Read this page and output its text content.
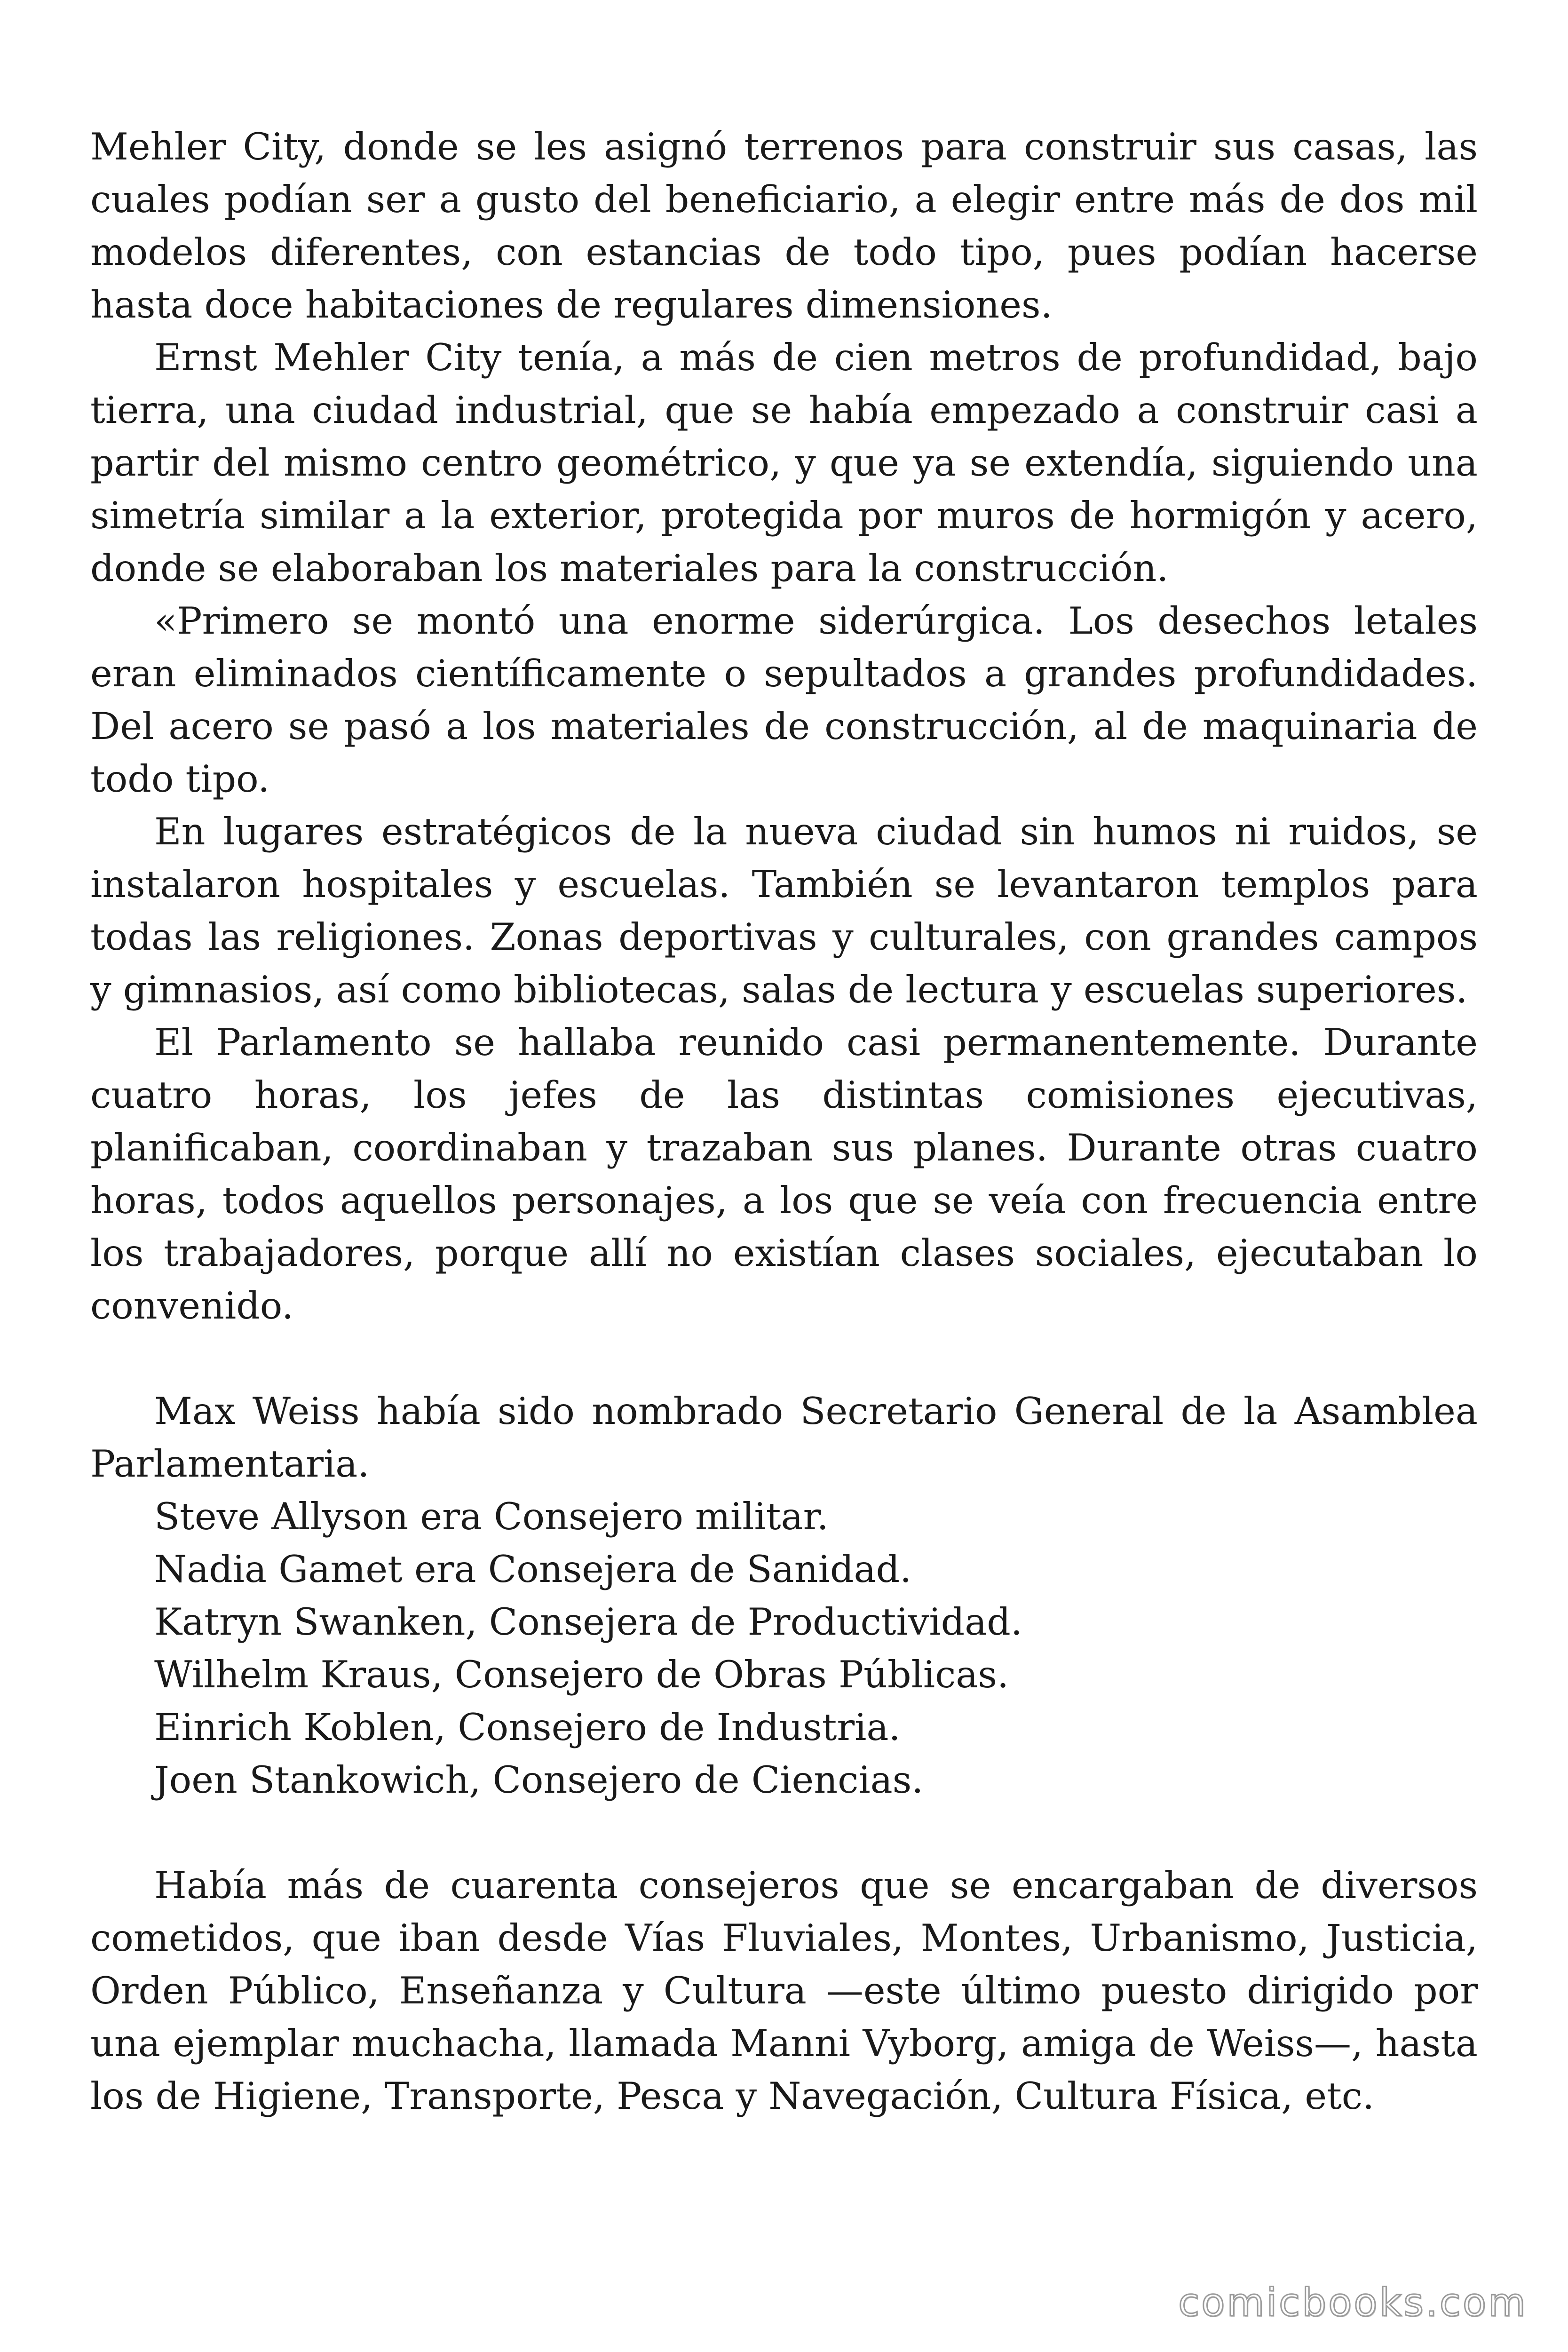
Mehler City, donde se les asignó terrenos para construir sus casas, las cuales podían ser a gusto del beneficiario, a elegir entre más de dos mil modelos diferentes, con estancias de todo tipo, pues podían hacerse hasta doce habitaciones de regulares dimensiones.

Ernst Mehler City tenía, a más de cien metros de profundidad, bajo tierra, una ciudad industrial, que se había empezado a construir casi a partir del mismo centro geométrico, y que ya se extendía, siguiendo una simetría similar a la exterior, protegida por muros de hormigón y acero, donde se elaboraban los materiales para la construcción.

«Primero se montó una enorme siderúrgica. Los desechos letales eran eliminados científicamente o sepultados a grandes profundidades. Del acero se pasó a los materiales de construcción, al de maquinaria de todo tipo.

En lugares estratégicos de la nueva ciudad sin humos ni ruidos, se instalaron hospitales y escuelas. También se levantaron templos para todas las religiones. Zonas deportivas y culturales, con grandes campos y gimnasios, así como bibliotecas, salas de lectura y escuelas superiores.

El Parlamento se hallaba reunido casi permanentemente. Durante cuatro horas, los jefes de las distintas comisiones ejecutivas, planificaban, coordinaban y trazaban sus planes. Durante otras cuatro horas, todos aquellos personajes, a los que se veía con frecuencia entre los trabajadores, porque allí no existían clases sociales, ejecutaban lo convenido.

Max Weiss había sido nombrado Secretario General de la Asamblea Parlamentaria.

Steve Allyson era Consejero militar.

Nadia Gamet era Consejera de Sanidad.

Katryn Swanken, Consejera de Productividad.

Wilhelm Kraus, Consejero de Obras Públicas.

Einrich Koblen, Consejero de Industria.

Joen Stankowich, Consejero de Ciencias.

Había más de cuarenta consejeros que se encargaban de diversos cometidos, que iban desde Vías Fluviales, Montes, Urbanismo, Justicia, Orden Público, Enseñanza y Cultura —este último puesto dirigido por una ejemplar muchacha, llamada Manni Vyborg, amiga de Weiss—, hasta los de Higiene, Transporte, Pesca y Navegación, Cultura Física, etc.

comicbooks.com
